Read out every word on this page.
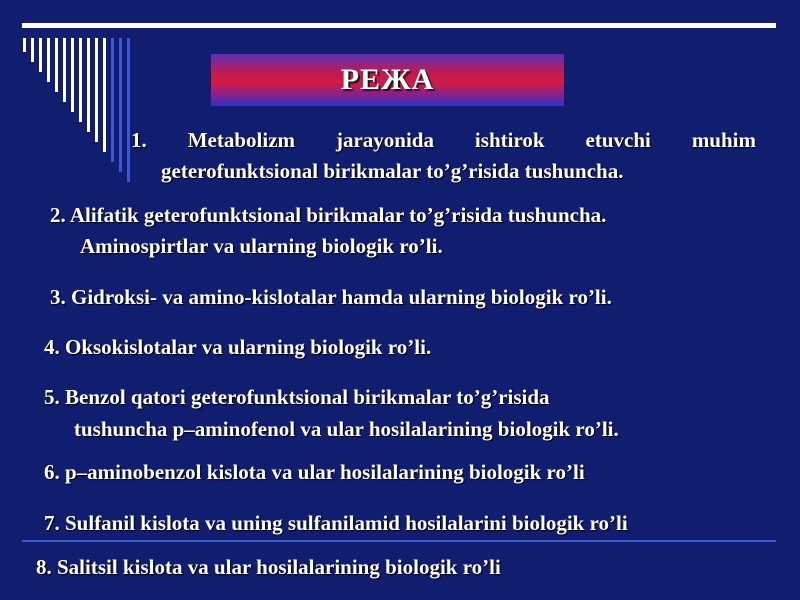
РЕЖА
1. Metabolizm jarayonida ishtirok etuvchi muhim
geterofunktsional birikmalar to’g’risida tushuncha.
2. Alifatik geterofunktsional birikmalar to’g’risida tushuncha.
Aminospirtlar va ularning biologik ro’li.
3. Gidroksi- va amino-kislotalar hamda ularning biologik ro’li.
4. Oksokislotalar va ularning biologik ro’li.
5. Benzol qatori geterofunktsional birikmalar to’g’risida
tushuncha p–aminofenol va ular hosilalarining biologik ro’li.
6. p–aminobenzol kislota va ular hosilalarining biologik ro’li
7. Sulfanil kislota va uning sulfanilamid hosilalarini biologik ro’li
8. Salitsil kislota va ular hosilalarining biologik ro’li
